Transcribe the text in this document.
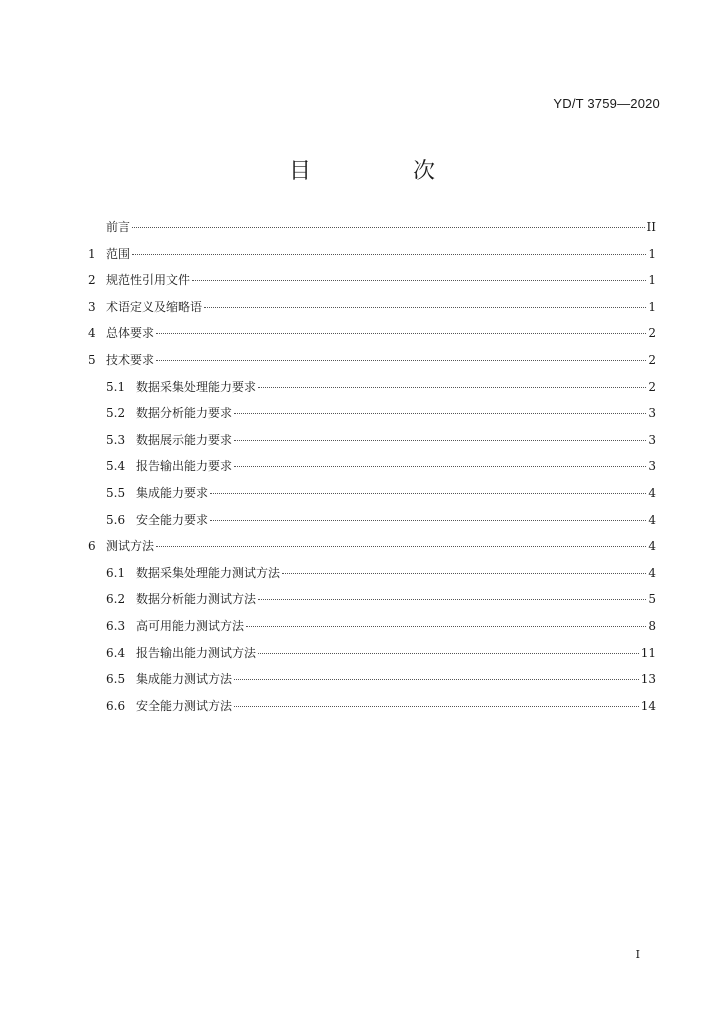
YD/T 3759—2020
目　次
前言	II
1 范围	1
2 规范性引用文件	1
3 术语定义及缩略语	1
4 总体要求	2
5 技术要求	2
5.1 数据采集处理能力要求	2
5.2 数据分析能力要求	3
5.3 数据展示能力要求	3
5.4 报告输出能力要求	3
5.5 集成能力要求	4
5.6 安全能力要求	4
6 测试方法	4
6.1 数据采集处理能力测试方法	4
6.2 数据分析能力测试方法	5
6.3 高可用能力测试方法	8
6.4 报告输出能力测试方法	11
6.5 集成能力测试方法	13
6.6 安全能力测试方法	14
I
